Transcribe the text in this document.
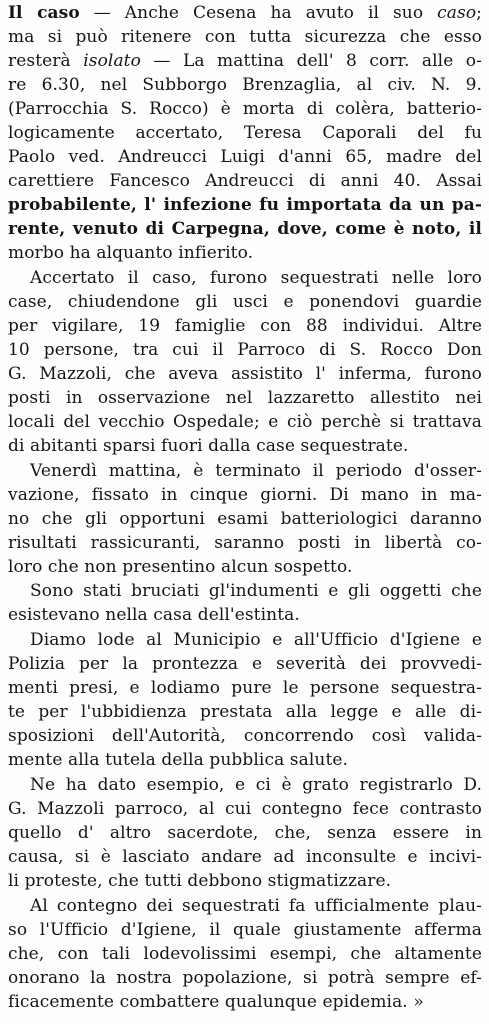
Il caso — Anche Cesena ha avuto il suo caso;
ma si può ritenere con tutta sicurezza che esso
resterà isolato — La mattina dell' 8 corr. alle o-
re 6.30, nel Subborgo Brenzaglia, al civ. N. 9.
(Parrocchia S. Rocco) è morta di colèra, batterio-
logicamente accertato, Teresa Caporali del fu
Paolo ved. Andreucci Luigi d'anni 65, madre del
carettiere Fancesco Andreucci di anni 40. Assai
probabilente, l' infezione fu importata da un pa-
rente, venuto di Carpegna, dove, come è noto, il
morbo ha alquanto infierito.
Accertato il caso, furono sequestrati nelle loro
case, chiudendone gli usci e ponendovi guardie
per vigilare, 19 famiglie con 88 individui. Altre
10 persone, tra cui il Parroco di S. Rocco Don
G. Mazzoli, che aveva assistito l' inferma, furono
posti in osservazione nel lazzaretto allestito nei
locali del vecchio Ospedale; e ciò perchè si trattava
di abitanti sparsi fuori dalla case sequestrate.
Venerdì mattina, è terminato il periodo d'osser-
vazione, fissato in cinque giorni. Di mano in ma-
no che gli opportuni esami batteriologici daranno
risultati rassicuranti, saranno posti in libertà co-
loro che non presentino alcun sospetto.
Sono stati bruciati gl'indumenti e gli oggetti che
esistevano nella casa dell'estinta.
Diamo lode al Municipio e all'Ufficio d'Igiene e
Polizia per la prontezza e severità dei provvedi-
menti presi, e lodiamo pure le persone sequestra-
te per l'ubbidienza prestata alla legge e alle di-
sposizioni dell'Autorità, concorrendo così valida-
mente alla tutela della pubblica salute.
Ne ha dato esempio, e ci è grato registrarlo D.
G. Mazzoli parroco, al cui contegno fece contrasto
quello d' altro sacerdote, che, senza essere in
causa, si è lasciato andare ad inconsulte e incivi-
li proteste, che tutti debbono stigmatizzare.
Al contegno dei sequestrati fa ufficialmente plau-
so l'Ufficio d'Igiene, il quale giustamente afferma
che, con tali lodevolissimi esempi, che altamente
onorano la nostra popolazione, si potrà sempre ef-
ficacemente combattere qualunque epidemia. »
